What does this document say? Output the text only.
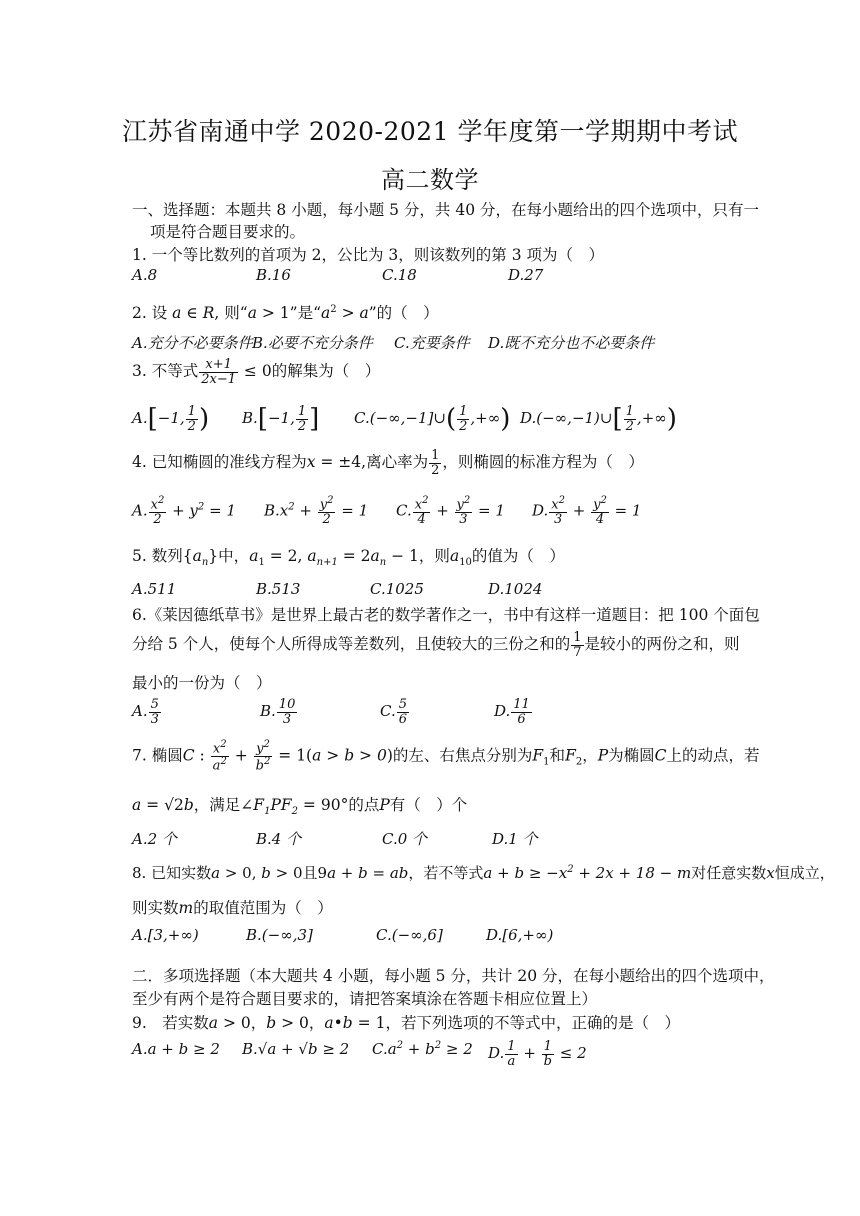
江苏省南通中学 2020-2021 学年度第一学期期中考试
高二数学
一、选择题：本题共 8 小题，每小题 5 分，共 40 分，在每小题给出的四个选项中，只有一
项是符合题目要求的。
1. 一个等比数列的首项为 2，公比为 3，则该数列的第 3 项为（　）
A.8	B.16	C.18	D.27
2. 设 a ∈ R, 则“a > 1”是“$a^2 > a$”的（　）
A.充分不必要条件 B.必要不充分条件 C.充要条件 D.既不充分也不必要条件
3. 不等式 $\frac{x+1}{2x-1} \le 0$的解集为（　）
A.[−1, $\frac{1}{2}$ ) B.[−1, $\frac{1}{2}$ ] C.(−∞,−1]∪( $\frac{1}{2}$ ,+∞) D.(−∞,−1)∪[ $\frac{1}{2}$ ,+∞)
4. 已知椭圆的准线方程为x = ±4,离心率为 $\frac{1}{2}$ ，则椭圆的标准方程为（　）
A. $\frac{x^2}{2} + y^2 = 1$ $B.x^2 + \frac{y^2}{2} = 1$ C. $\frac{x^2}{4} + \frac{y^2}{3} = 1$ D. $\frac{x^2}{3} + \frac{y^2}{4} = 1$
5. 数列$\{a_n\}$中，$a_1 = 2$, $a_{n+1} = 2a_n - 1$，则$a_{10}$的值为（　）
A.511	B.513	C.1025	D.1024
6.《莱因德纸草书》是世界上最古老的数学著作之一，书中有这样一道题目：把 100 个面包
分给 5 个人，使每个人所得成等差数列，且使较大的三份之和的 $\frac{1}{7}$ 是较小的两份之和，则
最小的一份为（　）
A. $\frac{5}{3}$	B. $\frac{10}{3}$	C. $\frac{5}{6}$	D. $\frac{11}{6}$
7. 椭圆C : $\frac{x^2}{a^2} + \frac{y^2}{b^2} = 1(a > b > 0)$的左、右焦点分别为$F_1$和$F_2$，P为椭圆C上的动点，若
a = √2b，满足$\angle F_1PF_2 = 90^\circ$的点P有（　）个
A.2 个	B.4 个	C.0 个	D.1 个
8. 已知实数a > 0, b > 0且9a + b = ab，若不等式$a + b \ge -x^2 + 2x + 18 - m$对任意实数x恒成立，
则实数m的取值范围为（　）
A.[3,+∞)	B.(−∞,3]	C.(−∞,6]	D.[6,+∞)
二．多项选择题（本大题共 4 小题，每小题 5 分，共计 20 分，在每小题给出的四个选项中，
至少有两个是符合题目要求的，请把答案填涂在答题卡相应位置上）
9.　若实数a > 0，b > 0，a•b = 1，若下列选项的不等式中，正确的是（　）
A.a + b ≥ 2 B.√a + √b ≥ 2 $C.a^2 + b^2 \ge 2$ D. $\frac{1}{a} + \frac{1}{b} \le 2$
